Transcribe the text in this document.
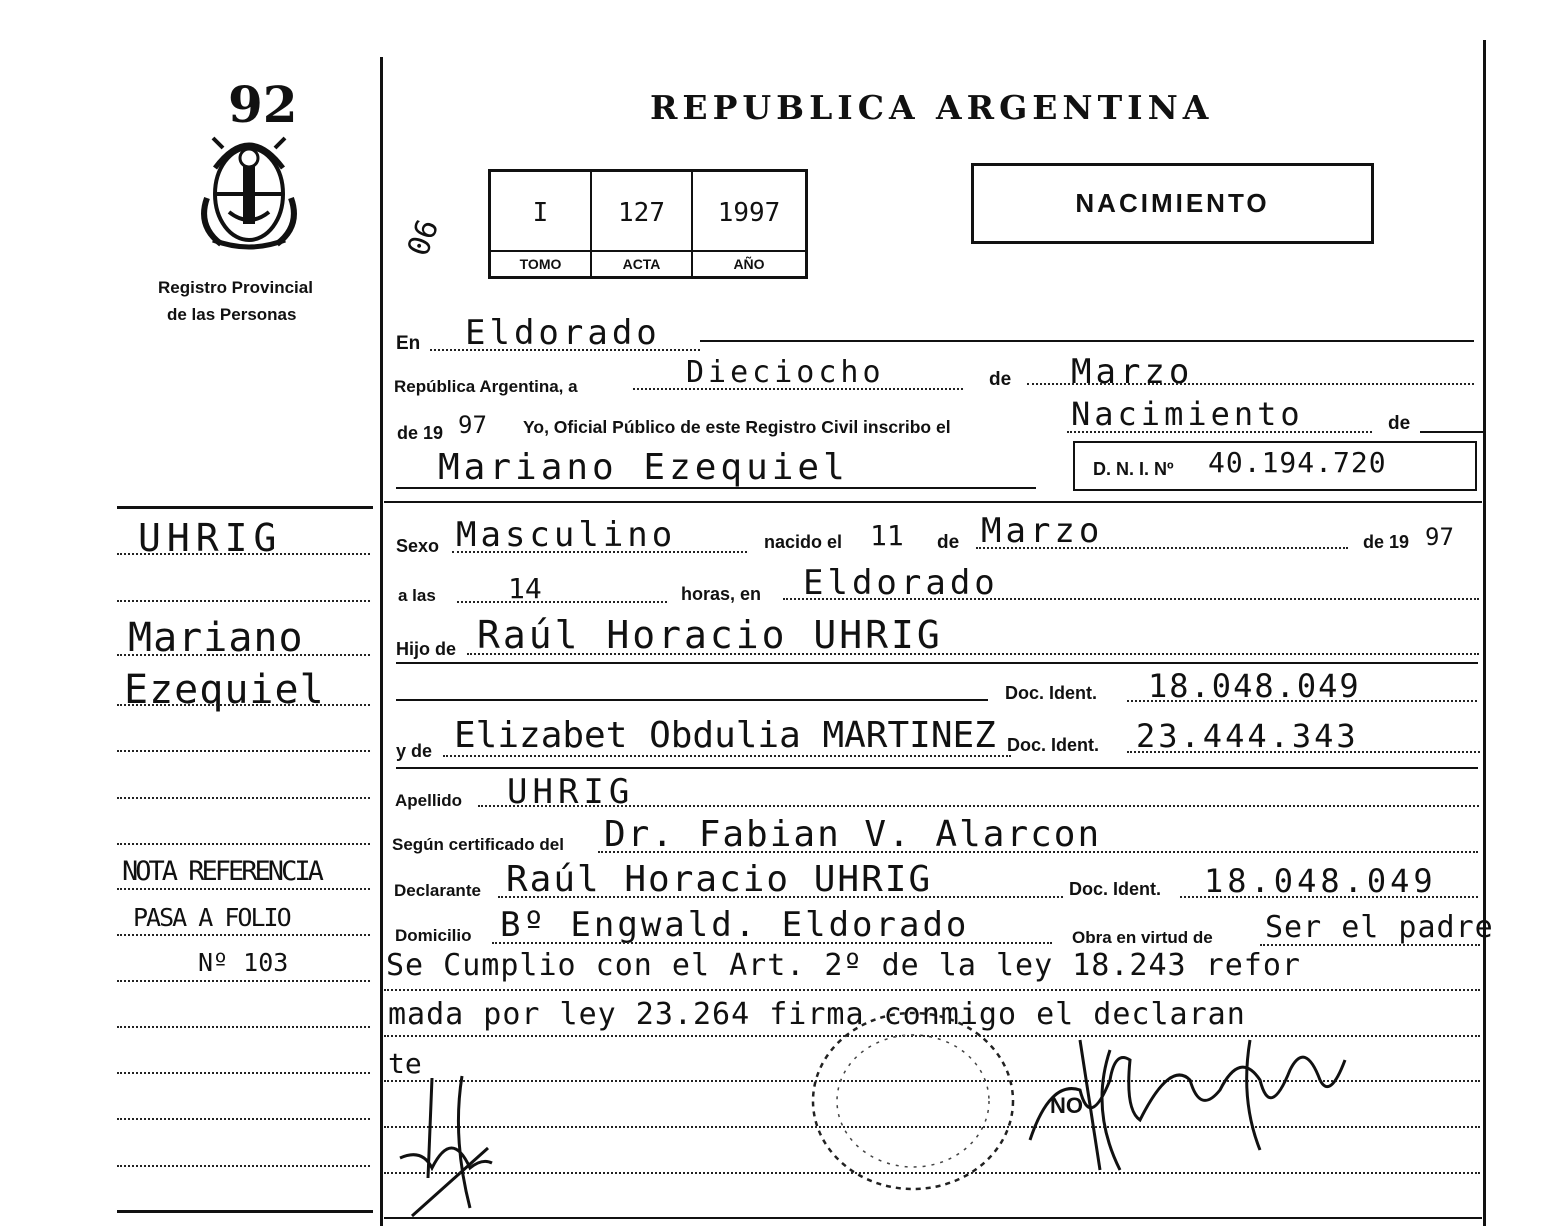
92
Registro Provincial
de las Personas
UHRIG
Mariano
Ezequiel
NOTA REFERENCIA
PASA A FOLIO
Nº 103
REPUBLICA ARGENTINA
NACIMIENTO
06
I
TOMO
127
ACTA
1997
AÑO
En Eldorado
República Argentina, a	Dieciocho	de Marzo
de 19 97 Yo, Oficial Público de este Registro Civil inscribo el	Nacimiento	de
Mariano Ezequiel	D. N. I. Nº 40.194.720
Sexo Masculino	nacido el 11 de Marzo	de 19 97
a las	14	horas, en Eldorado
Hijo de Raúl Horacio UHRIG
Doc. Ident. 18.048.049
y de Elizabet Obdulia MARTINEZ Doc. Ident. 23.444.343
Apellido UHRIG
Según certificado del Dr. Fabian V. Alarcon
Declarante Raúl Horacio UHRIG	Doc. Ident. 18.048.049
Domicilio Bº Engwald. Eldorado	Obra en virtud de Ser el padre
Se Cumplio con el Art. 2º de la ley 18.243 refor
mada por ley 23.264 firma conmigo el declaran
te
NO
